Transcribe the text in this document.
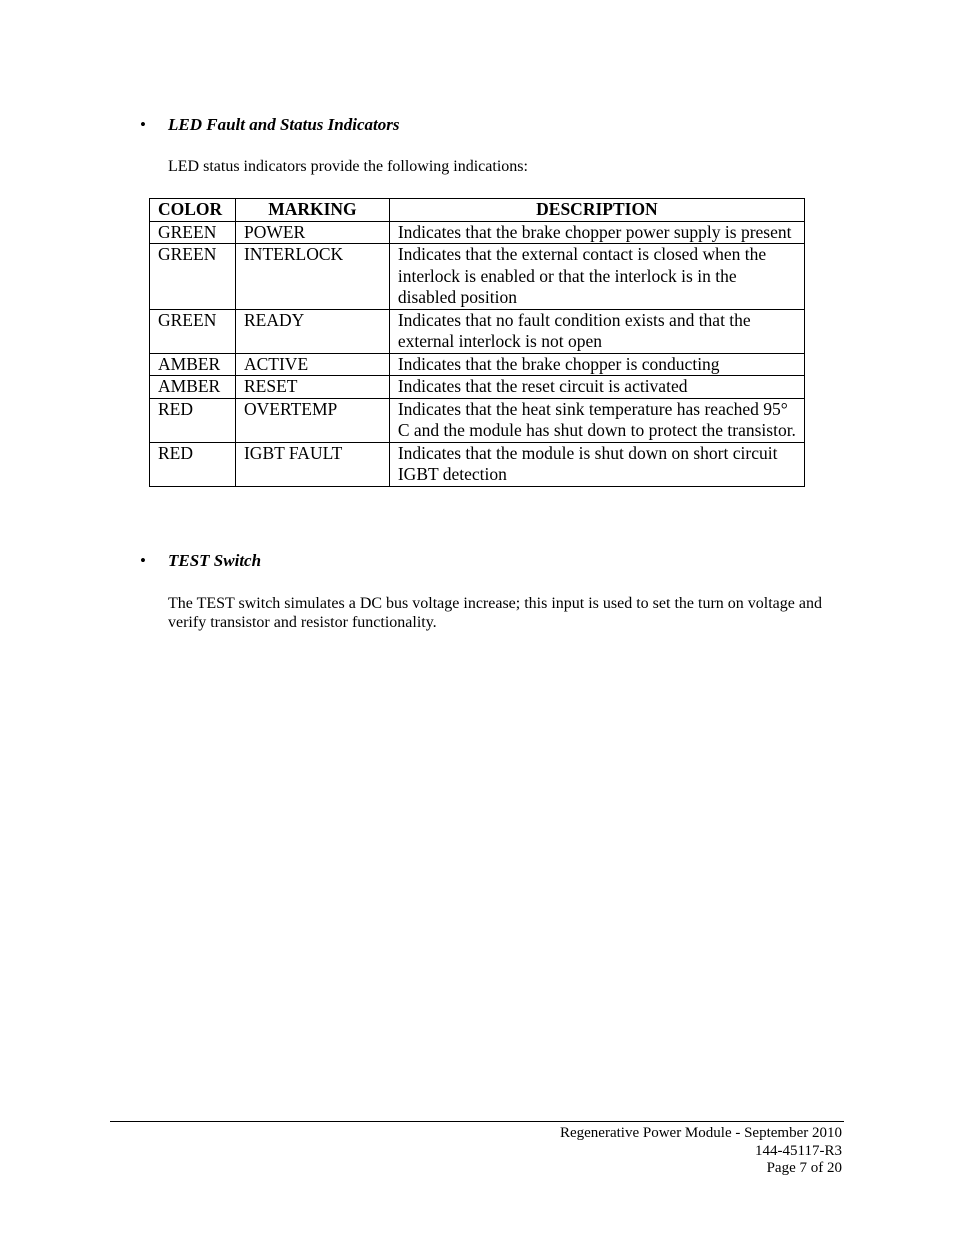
• LED Fault and Status Indicators
LED status indicators provide the following indications:
COLOR	MARKING	DESCRIPTION
GREEN	POWER	Indicates that the brake chopper power supply is present
GREEN	INTERLOCK	Indicates that the external contact is closed when the interlock is enabled or that the interlock is in the disabled position
GREEN	READY	Indicates that no fault condition exists and that the external interlock is not open
AMBER	ACTIVE	Indicates that the brake chopper is conducting
AMBER	RESET	Indicates that the reset circuit is activated
RED	OVERTEMP	Indicates that the heat sink temperature has reached 95° C and the module has shut down to protect the transistor.
RED	IGBT FAULT	Indicates that the module is shut down on short circuit IGBT detection
• TEST Switch
The TEST switch simulates a DC bus voltage increase; this input is used to set the turn on voltage and verify transistor and resistor functionality.
Regenerative Power Module - September 2010
144-45117-R3
Page 7 of 20
